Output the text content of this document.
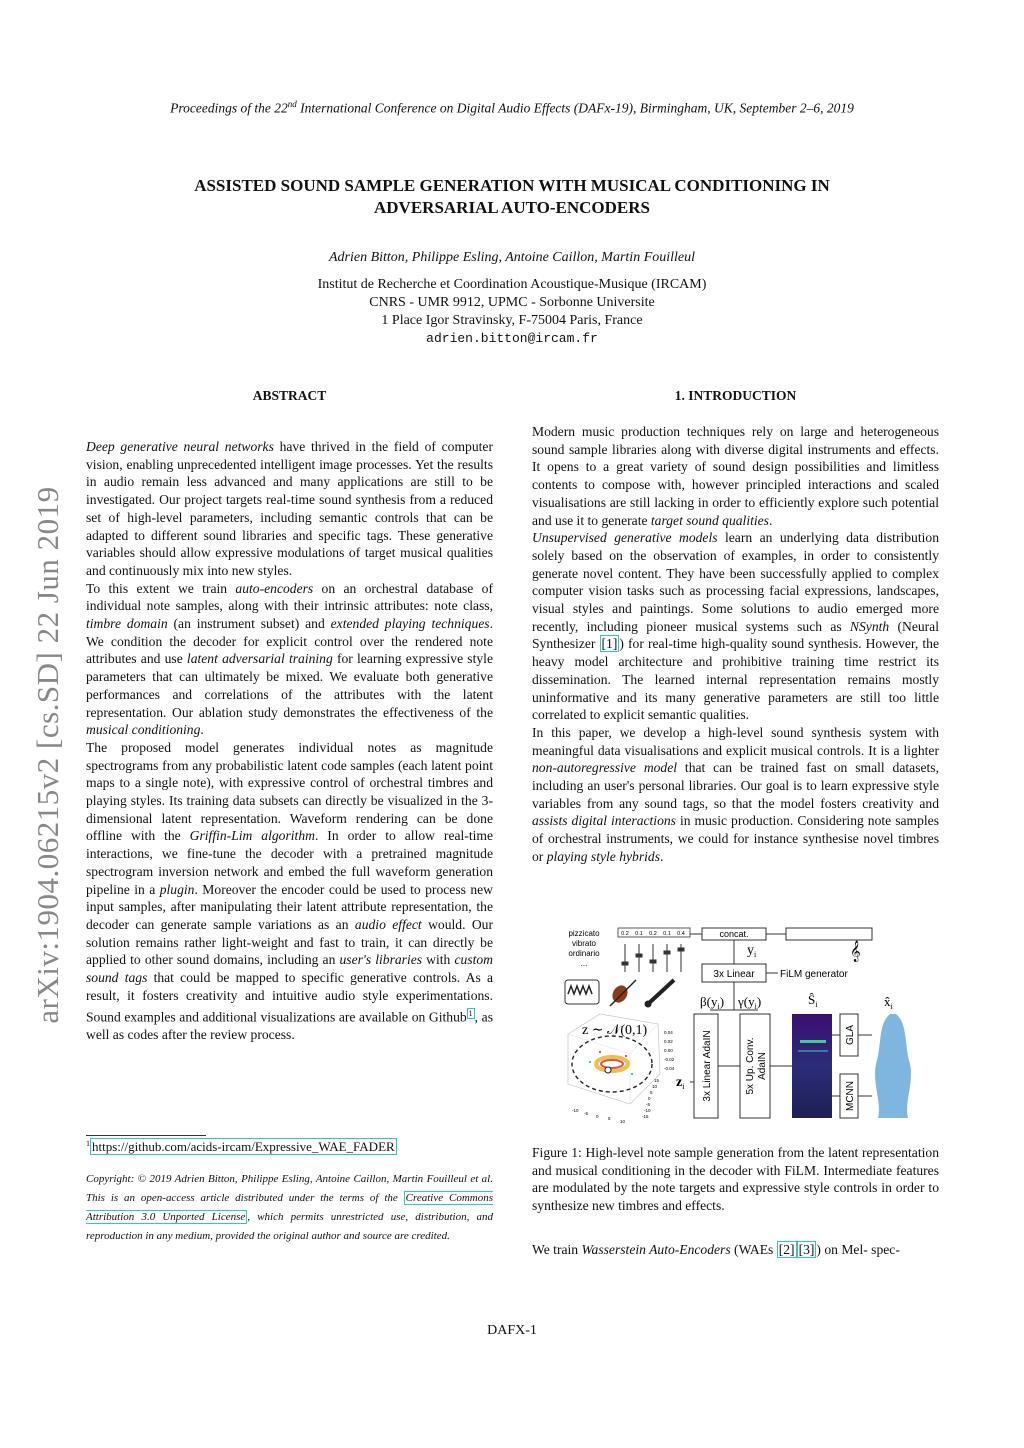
Proceedings of the 22nd International Conference on Digital Audio Effects (DAFx-19), Birmingham, UK, September 2–6, 2019
ASSISTED SOUND SAMPLE GENERATION WITH MUSICAL CONDITIONING IN
ADVERSARIAL AUTO-ENCODERS
Adrien Bitton, Philippe Esling, Antoine Caillon, Martin Fouilleul
Institut de Recherche et Coordination Acoustique-Musique (IRCAM)
CNRS - UMR 9912, UPMC - Sorbonne Universite
1 Place Igor Stravinsky, F-75004 Paris, France
adrien.bitton@ircam.fr
arXiv:1904.06215v2 [cs.SD] 22 Jun 2019
ABSTRACT	1. INTRODUCTION

Deep generative neural networks have thrived in the field of computer vision, enabling unprecedented intelligent image processes. Yet the results in audio remain less advanced and many applications are still to be investigated. Our project targets real-time sound synthesis from a reduced set of high-level parameters, including semantic controls that can be adapted to different sound libraries and specific tags. These generative variables should allow expressive modulations of target musical qualities and continuously mix into new styles.

To this extent we train auto-encoders on an orchestral database of individual note samples, along with their intrinsic attributes: note class, timbre domain (an instrument subset) and extended playing techniques. We condition the decoder for explicit control over the rendered note attributes and use latent adversarial training for learning expressive style parameters that can ultimately be mixed. We evaluate both generative performances and correlations of the attributes with the latent representation. Our ablation study demonstrates the effectiveness of the musical conditioning.

The proposed model generates individual notes as magnitude spectrograms from any probabilistic latent code samples (each latent point maps to a single note), with expressive control of orchestral timbres and playing styles. Its training data subsets can directly be visualized in the 3-dimensional latent representation. Waveform rendering can be done offline with the Griffin-Lim algorithm. In order to allow real-time interactions, we fine-tune the decoder with a pretrained magnitude spectrogram inversion network and embed the full waveform generation pipeline in a plugin. Moreover the encoder could be used to process new input samples, after manipulating their latent attribute representation, the decoder can generate sample variations as an audio effect would. Our solution remains rather light-weight and fast to train, it can directly be applied to other sound domains, including an user's libraries with custom sound tags that could be mapped to specific generative controls. As a result, it fosters creativity and intuitive audio style experimentations. Sound examples and additional visualizations are available on Github $^1$ , as well as codes after the review process.

$^1$ https://github.com/acids-ircam/Expressive_WAE_FADER
Copyright: © 2019 Adrien Bitton, Philippe Esling, Antoine Caillon, Martin Fouilleul et al. This is an open-access article distributed under the terms of the Creative Commons Attribution 3.0 Unported License , which permits unrestricted use, distribution, and reproduction in any medium, provided the original author and source are credited.

Modern music production techniques rely on large and heterogeneous sound sample libraries along with diverse digital instruments and effects. It opens to a great variety of sound design possibilities and limitless contents to compose with, however principled interactions and scaled visualisations are still lacking in order to efficiently explore such potential and use it to generate target sound qualities.

Unsupervised generative models learn an underlying data distribution solely based on the observation of examples, in order to consistently generate novel content. They have been successfully applied to complex computer vision tasks such as processing facial expressions, landscapes, visual styles and paintings. Some solutions to audio emerged more recently, including pioneer musical systems such as NSynth (Neural Synthesizer [1] ) for real-time high-quality sound synthesis. However, the heavy model architecture and prohibitive training time restrict its dissemination. The learned internal representation remains mostly uninformative and its many generative parameters are still too little correlated to explicit semantic qualities.

In this paper, we develop a high-level sound synthesis system with meaningful data visualisations and explicit musical controls. It is a lighter non-autoregressive model that can be trained fast on small datasets, including an user's personal libraries. Our goal is to learn expressive style variables from any sound tags, so that the model fosters creativity and assists digital interactions in music production. Considering note samples of orchestral instruments, we could for instance synthesise novel timbres or playing style hybrids.

pizzicato
vibrato
ordinario
...
0.2 0.1 0.2 0.1 0.4	concat.
𝄞
$y_i$
3x Linear	FiLM generator
$\beta(y_i)$ $\gamma(y_i)$	$Ŝ_i$	$x̂_i$
z ∼ 𝒩(0,1)	0.04
0.02
0.00
-0.02
-0.04
-10
-5
0 5
10
15
10
5
0
-5
-10
-15
$z_i$ 3x Linear AdaIN	5x Up. Conv. AdaIN
GLA
MCNN
Figure 1: High-level note sample generation from the latent representation and musical conditioning in the decoder with FiLM. Intermediate features are modulated by the note targets and expressive style controls in order to synthesize new timbres and effects.
We train Wasserstein Auto-Encoders (WAEs [2] [3] ) on Mel- spec-
DAFX-1
